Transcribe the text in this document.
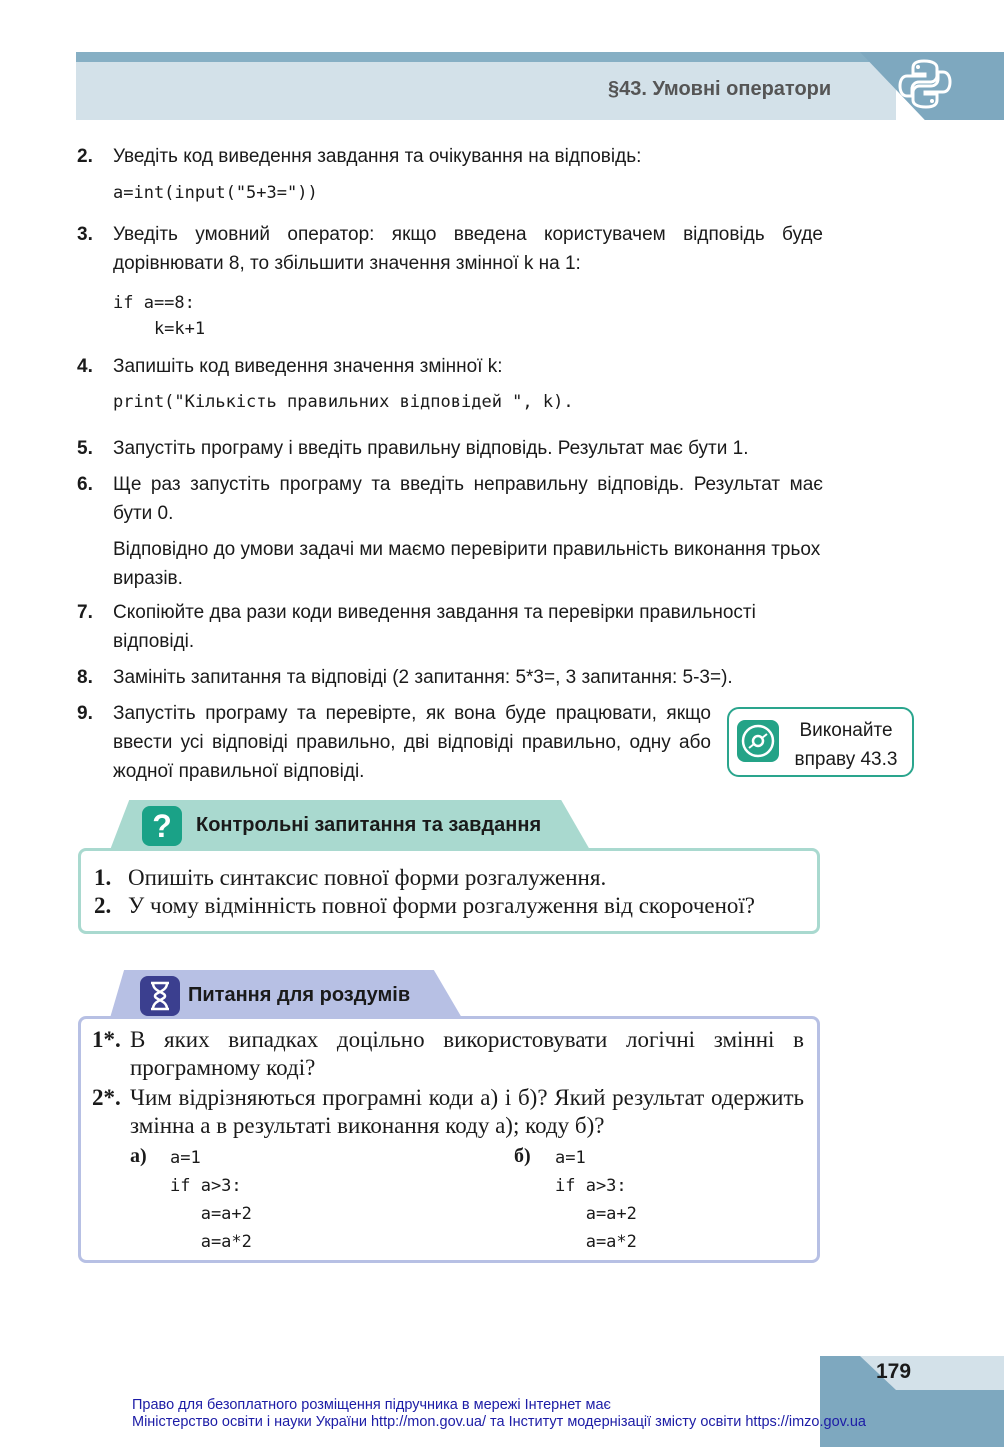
§43. Умовні оператори
2. Уведіть код виведення завдання та очікування на відповідь:
a=int(input("5+3="))
3. Уведіть умовний оператор: якщо введена користувачем відповідь буде дорівнювати 8, то збільшити значення змінної k на 1:
if a==8:
k=k+1
4. Запишіть код виведення значення змінної k:
print("Кількість правильних відповідей ", k).
5. Запустіть програму і введіть правильну відповідь. Результат має бути 1.
6. Ще раз запустіть програму та введіть неправильну відповідь. Результат має бути 0.
Відповідно до умови задачі ми маємо перевірити правильність виконання трьох виразів.
7. Скопіюйте два рази коди виведення завдання та перевірки правильності відповіді.
8. Замініть запитання та відповіді (2 запитання: 5*3=, 3 запитання: 5-3=).
9. Запустіть програму та перевірте, як вона буде працювати, якщо ввести усі відповіді правильно, дві відповіді правильно, одну або жодної правильної відповіді.
Виконайте
вправу 43.3
?	Контрольні запитання та завдання
1. Опишіть синтаксис повної форми розгалуження.
2. У чому відмінність повної форми розгалуження від скороченої?
Питання для роздумів
1*. В яких випадках доцільно використовувати логічні змінні в програмному коді?
2*. Чим відрізняються програмні коди а) і б)? Який результат одержить змінна a в результаті виконання коду а); коду б)?
а) a=1
if a>3:
a=a+2
a=a*2
б) a=1
if a>3:
a=a+2
a=a*2
179
Право для безоплатного розміщення підручника в мережі Інтернет має
Міністерство освіти і науки України http://mon.gov.ua/ та Інститут модернізації змісту освіти https://imzo.gov.ua
